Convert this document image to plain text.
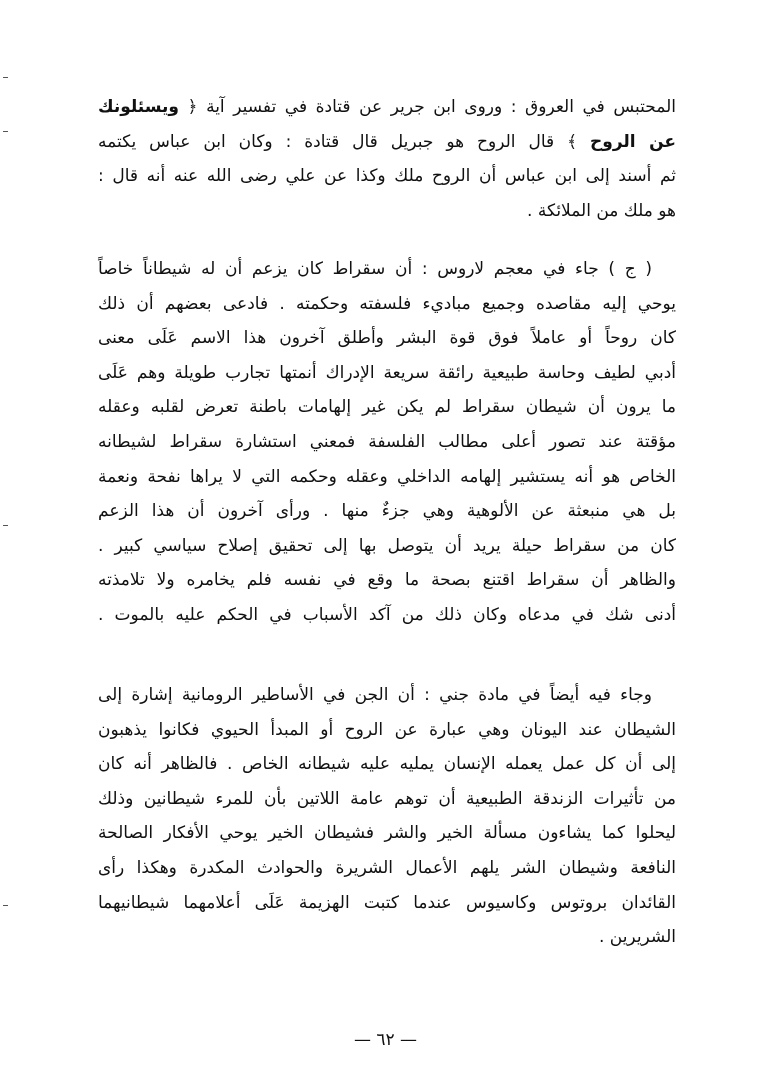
المحتبس في العروق : وروى ابن جرير عن قتادة في تفسير آية ﴿ ويسئلونك
عن الروح ﴾ قال الروح هو جبريل قال قتادة : وكان ابن عباس يكتمه
ثم أسند إلى ابن عباس أن الروح ملك وكذا عن علي رضى الله عنه أنه قال :
هو ملك من الملائكة .
( ج ) جاء في معجم لاروس : أن سقراط كان يزعم أن له شيطاناً خاصاً
يوحي إليه مقاصده وجميع مباديء فلسفته وحكمته . فادعى بعضهم أن ذلك
كان روحاً أو عاملاً فوق قوة البشر وأطلق آخرون هذا الاسم عَلَى معنى
أدبي لطيف وحاسة طبيعية رائقة سريعة الإدراك أنمتها تجارب طويلة وهم عَلَى
ما يرون أن شيطان سقراط لم يكن غير إلهامات باطنة تعرض لقلبه وعقله
مؤقتة عند تصور أعلى مطالب الفلسفة فمعني استشارة سقراط لشيطانه
الخاص هو أنه يستشير إلهامه الداخلي وعقله وحكمه التي لا يراها نفحة ونعمة
بل هي منبعثة عن الألوهية وهي جزءٌ منها . ورأى آخرون أن هذا الزعم
كان من سقراط حيلة يريد أن يتوصل بها إلى تحقيق إصلاح سياسي كبير .
والظاهر أن سقراط اقتنع بصحة ما وقع في نفسه فلم يخامره ولا تلامذته
أدنى شك في مدعاه وكان ذلك من آكد الأسباب في الحكم عليه بالموت .
وجاء فيه أيضاً في مادة جني : أن الجن في الأساطير الرومانية إشارة إلى
الشيطان عند اليونان وهي عبارة عن الروح أو المبدأ الحيوي فكانوا يذهبون
إلى أن كل عمل يعمله الإنسان يمليه عليه شيطانه الخاص . فالظاهر أنه كان
من تأثيرات الزندقة الطبيعية أن توهم عامة اللاتين بأن للمرء شيطانين وذلك
ليحلوا كما يشاءون مسألة الخير والشر فشيطان الخير يوحي الأفكار الصالحة
النافعة وشيطان الشر يلهم الأعمال الشريرة والحوادث المكدرة وهكذا رأى
القائدان بروتوس وكاسيوس عندما كتبت الهزيمة عَلَى أعلامهما شيطانيهما
الشريرين .
— ٦٢ —
